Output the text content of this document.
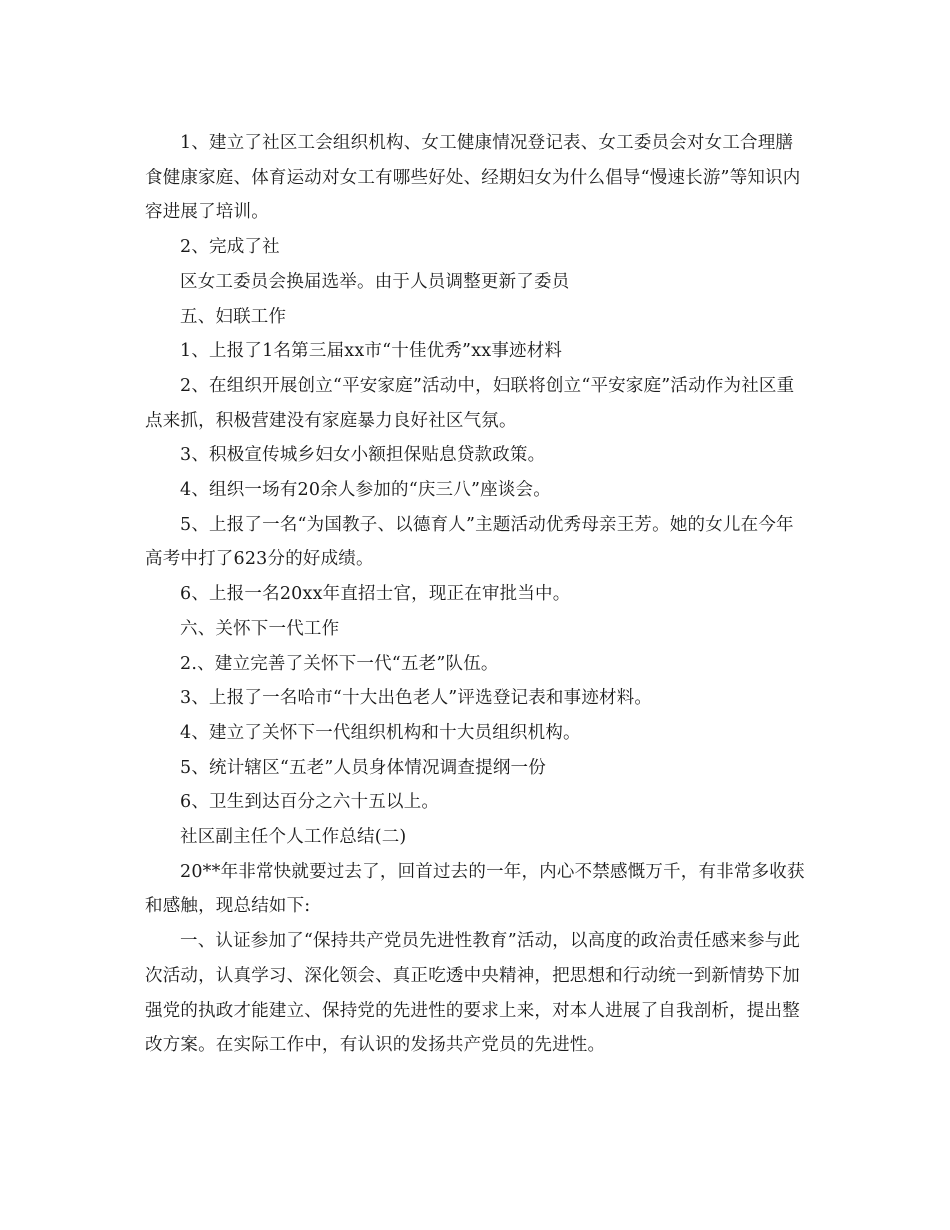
1、建立了社区工会组织机构、女工健康情况登记表、女工委员会对女工合理膳食健康家庭、体育运动对女工有哪些好处、经期妇女为什么倡导“慢速长游”等知识内容进展了培训。

2、完成了社

区女工委员会换届选举。由于人员调整更新了委员

五、妇联工作

1、上报了1名第三届xx市“十佳优秀”xx事迹材料

2、在组织开展创立“平安家庭”活动中，妇联将创立“平安家庭”活动作为社区重点来抓，积极营建没有家庭暴力良好社区气氛。

3、积极宣传城乡妇女小额担保贴息贷款政策。

4、组织一场有20余人参加的“庆三八”座谈会。

5、上报了一名“为国教子、以德育人”主题活动优秀母亲王芳。她的女儿在今年高考中打了623分的好成绩。

6、上报一名20xx年直招士官，现正在审批当中。

六、关怀下一代工作

2.、建立完善了关怀下一代“五老”队伍。

3、上报了一名哈市“十大出色老人”评选登记表和事迹材料。

4、建立了关怀下一代组织机构和十大员组织机构。

5、统计辖区“五老”人员身体情况调查提纲一份

6、卫生到达百分之六十五以上。

社区副主任个人工作总结(二)

20**年非常快就要过去了，回首过去的一年，内心不禁感慨万千，有非常多收获和感触，现总结如下:

一、认证参加了“保持共产党员先进性教育”活动，以高度的政治责任感来参与此次活动，认真学习、深化领会、真正吃透中央精神，把思想和行动统一到新情势下加强党的执政才能建立、保持党的先进性的要求上来，对本人进展了自我剖析，提出整改方案。在实际工作中，有认识的发扬共产党员的先进性。
